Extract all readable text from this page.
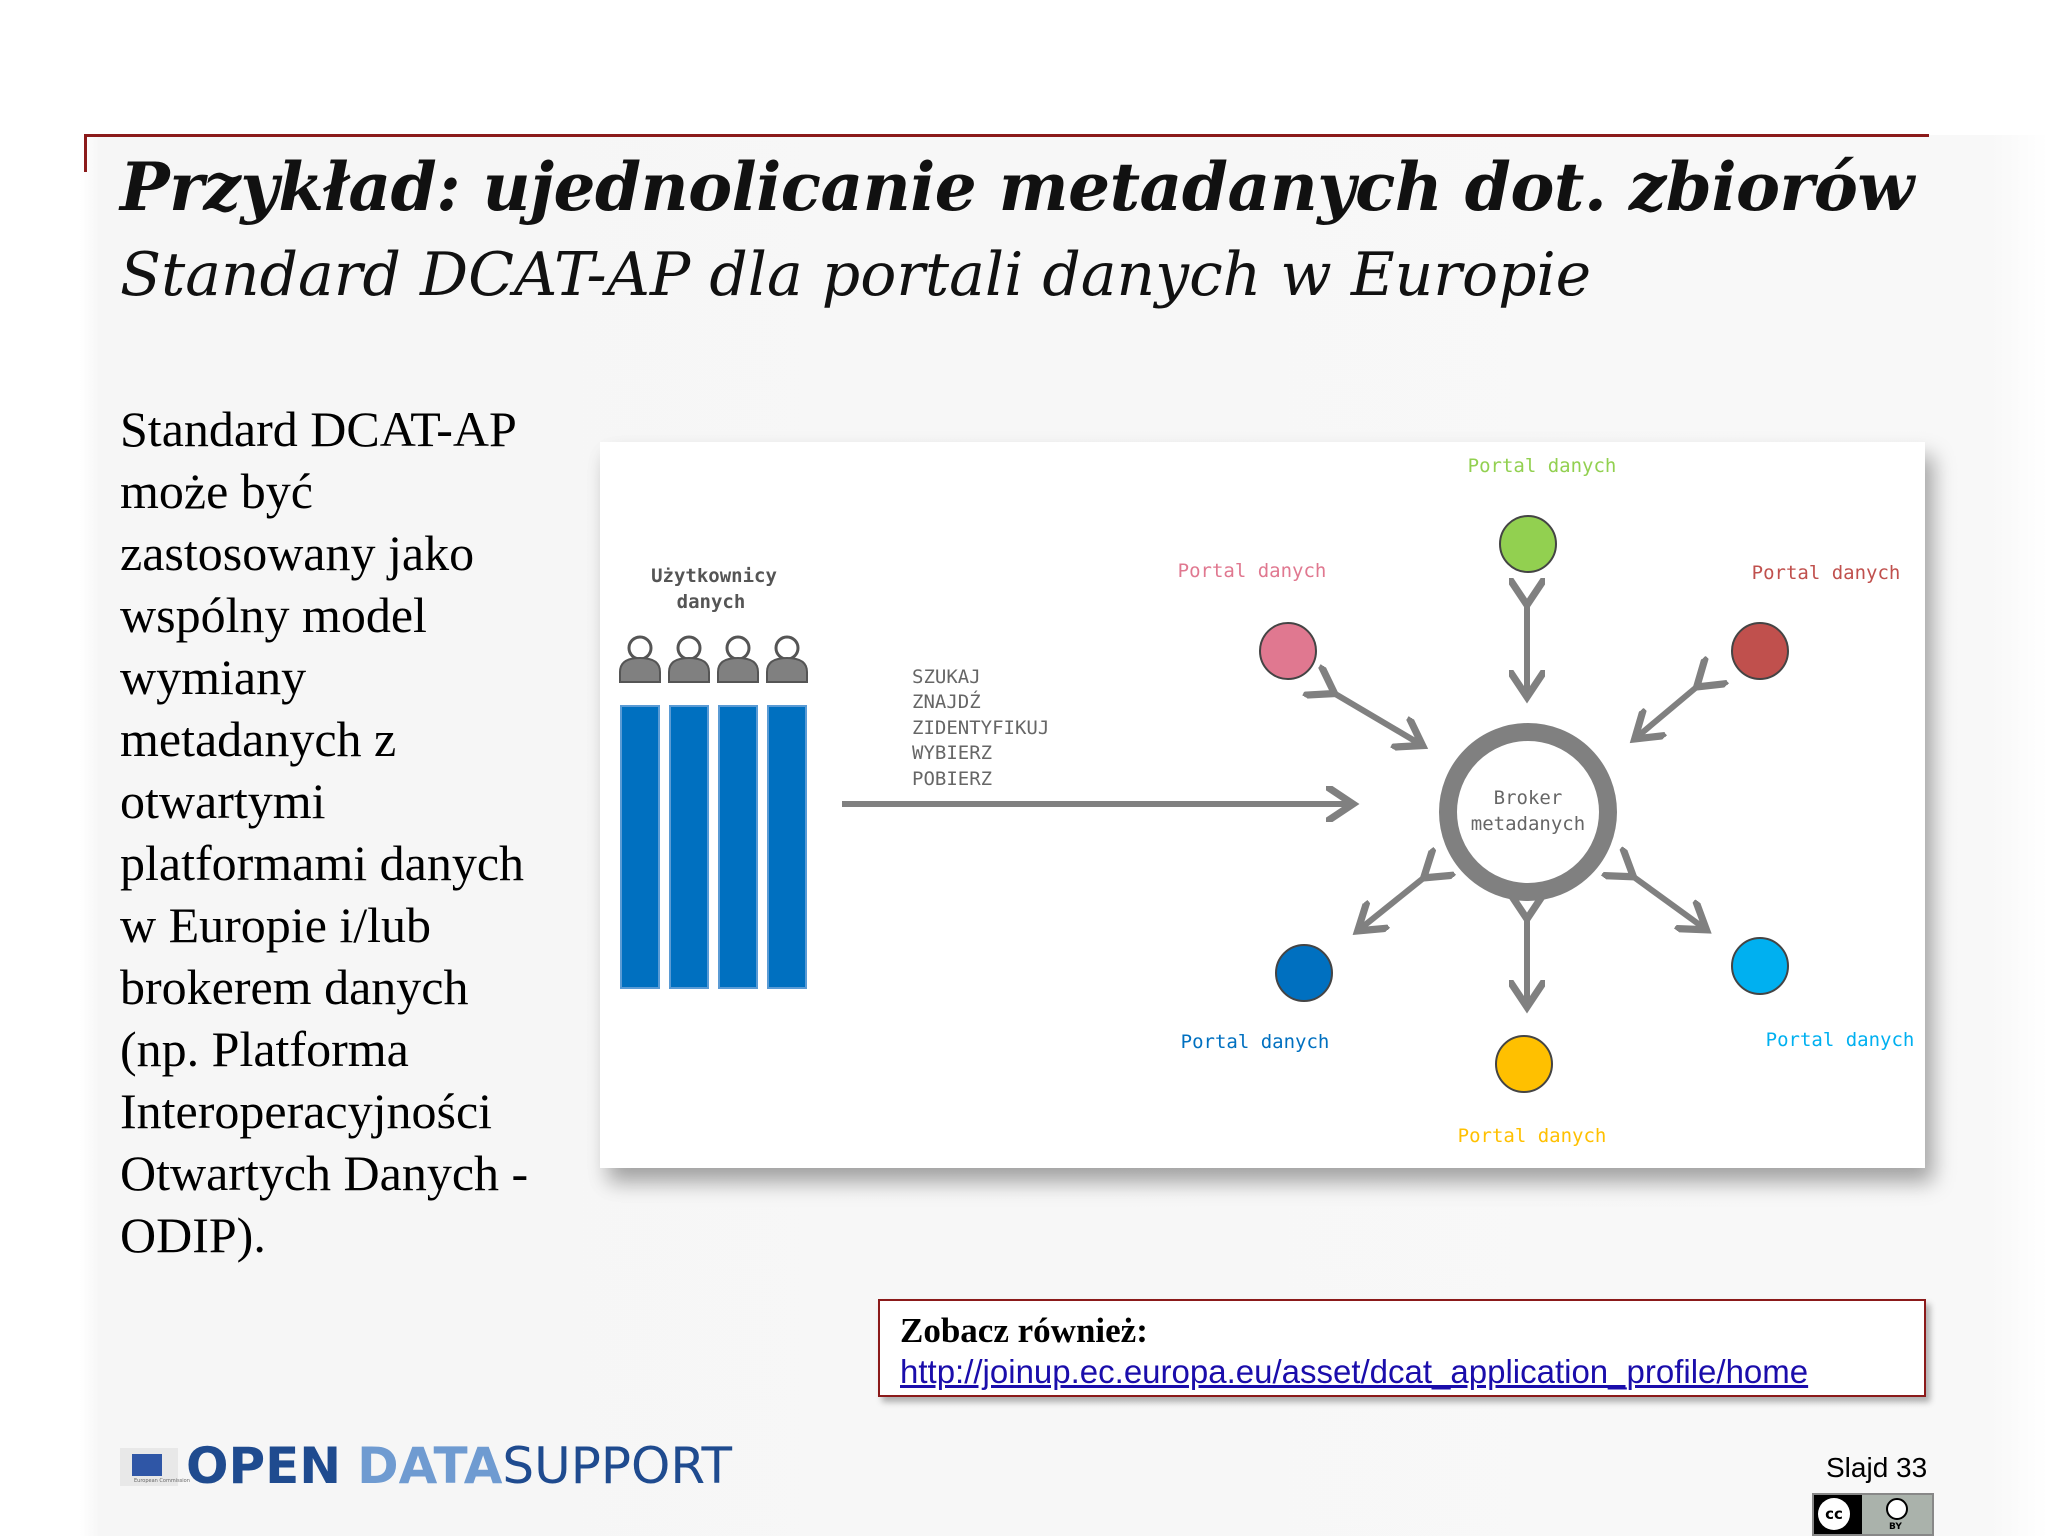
Przykład: ujednolicanie metadanych dot. zbiorów
Standard DCAT-AP dla portali danych w Europie
Standard DCAT-AP
może być
zastosowany jako
wspólny model
wymiany
metadanych z
otwartymi
platformami danych
w Europie i/lub
brokerem danych
(np. Platforma
Interoperacyjności
Otwartych Danych -
ODIP).
Użytkownicy
danych
SZUKAJ
ZNAJDŹ
ZIDENTYFIKUJ
WYBIERZ
POBIERZ
Broker
metadanych
Portal danych
Portal danych	Portal danych
Portal danych	Portal danych
Portal danych
Zobacz również:
http://joinup.ec.europa.eu/asset/dcat_application_profile/home
European Commission
OPEN DATASUPPORT	Slajd 33
cc
BY
